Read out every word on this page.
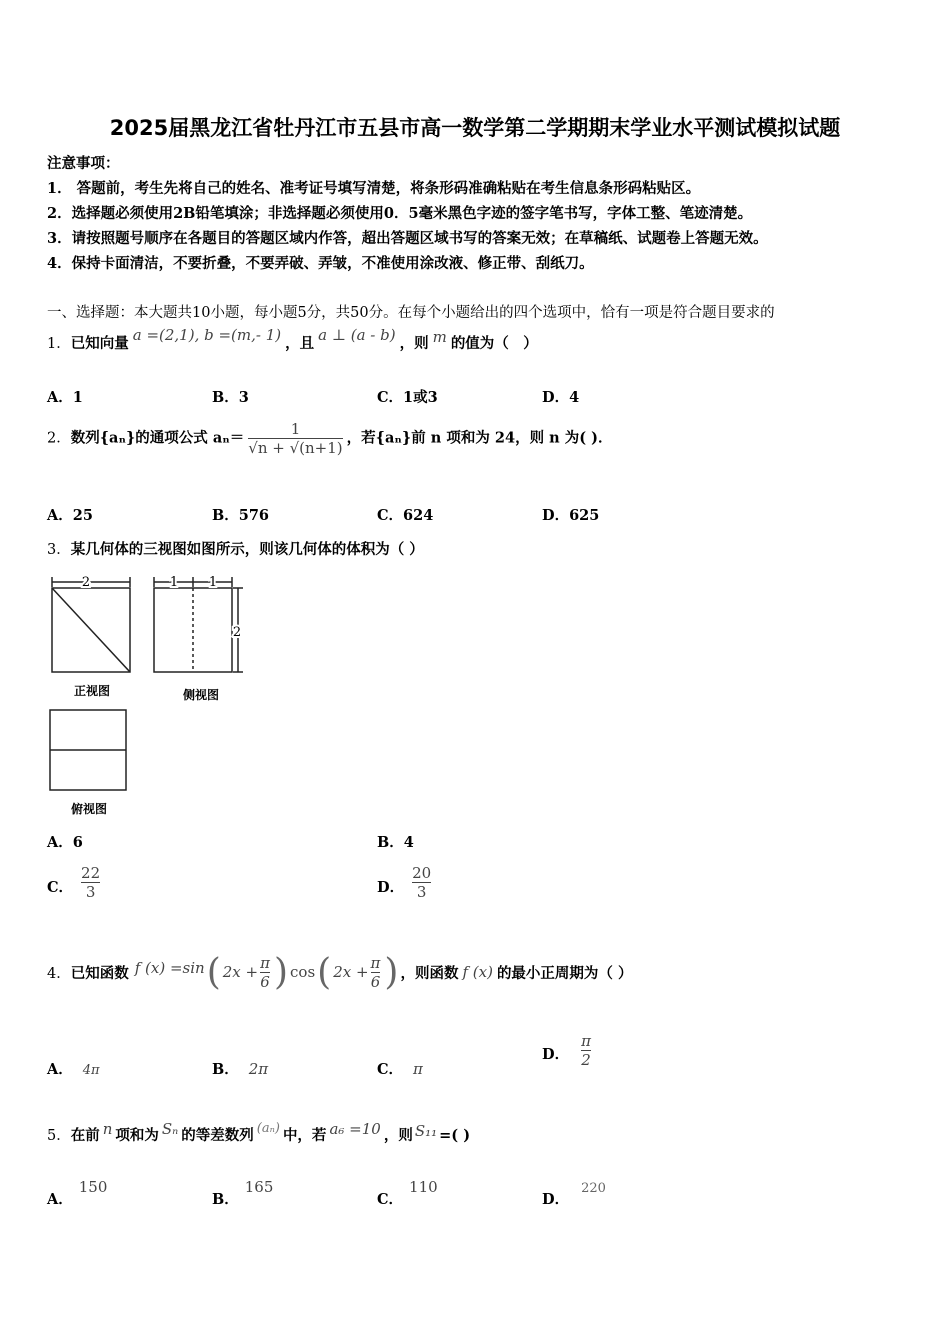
2025届黑龙江省牡丹江市五县市高一数学第二学期期末学业水平测试模拟试题
注意事项：
1． 答题前，考生先将自己的姓名、准考证号填写清楚，将条形码准确粘贴在考生信息条形码粘贴区。
2．选择题必须使用2B铅笔填涂；非选择题必须使用0．5毫米黑色字迹的签字笔书写，字体工整、笔迹清楚。
3．请按照题号顺序在各题目的答题区域内作答，超出答题区域书写的答案无效；在草稿纸、试题卷上答题无效。
4．保持卡面清洁，不要折叠，不要弄破、弄皱，不准使用涂改液、修正带、刮纸刀。
一、选择题：本大题共10小题，每小题5分，共50分。在每个小题给出的四个选项中，恰有一项是符合题目要求的
1．已知向量 a =(2,1), b =(m,- 1) ，且 a ⊥ (a - b) ，则 m 的值为（　）
A．1	B．3	C．1或3	D．4
2．数列{aₙ}的通项公式 $a_n= \frac{1}{√n + √(n+1)}$ ，若{aₙ}前 n 项和为 24，则 n 为( )．
A．25	B．576	C．624	D．625
3．某几何体的三视图如图所示，则该几何体的体积为（ ）
2	1 1
2
正视图	侧视图
俯视图
A．6	B．4
C． $\frac{22}{3}$	D． $\frac{20}{3}$
4． 已知函数 f (x) =sin ( $2x + \frac{\pi}{6}$ ) cos ( $2x + \frac{\pi}{6}$ ) ，则函数 f (x) 的最小正周期为（ ）
A． 4π	B． 2π	C． π
D． $\frac{\pi}{2}$
5．在前 n 项和为 Sₙ 的等差数列 (aₙ) 中，若 a₆ =10 ，则 S₁₁ =( )
A．150
B．165
C．110
D．220
